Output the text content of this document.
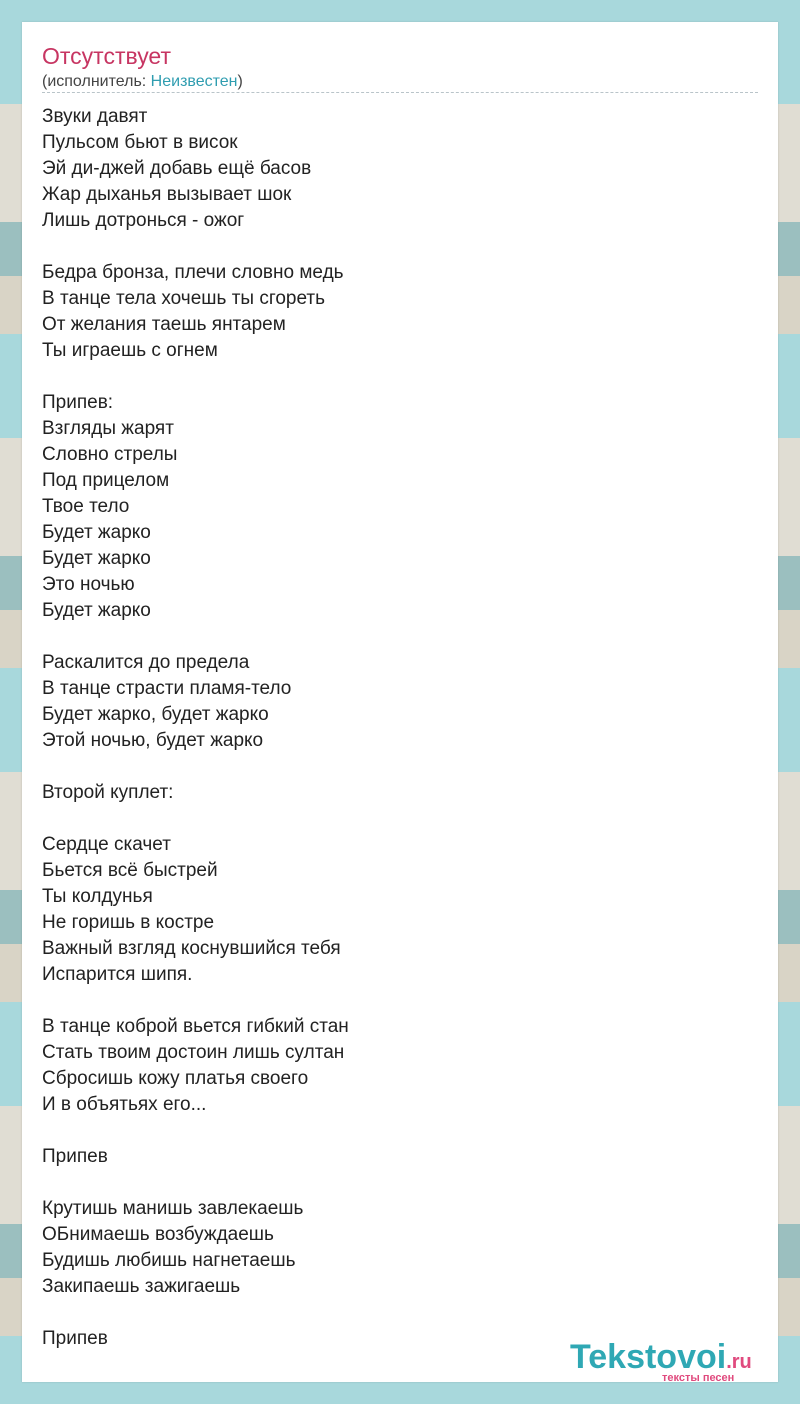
Отсутствует
(исполнитель: Неизвестен)
Звуки давят
Пульсом бьют в висок
Эй ди-джей добавь ещё басов
Жар дыханья вызывает шок
Лишь дотронься - ожог
Бедра бронза, плечи словно медь
В танце тела хочешь ты сгореть
От желания таешь янтарем
Ты играешь с огнем
Припев:
Взгляды жарят
Словно стрелы
Под прицелом
Твое тело
Будет жарко
Будет жарко
Это ночью
Будет жарко
Раскалится до предела
В танце страсти пламя-тело
Будет жарко, будет жарко
Этой ночью, будет жарко
Второй куплет:
Сердце скачет
Бьется всё быстрей
Ты колдунья
Не горишь в костре
Важный взгляд коснувшийся тебя
Испарится шипя.
В танце коброй вьется гибкий стан
Стать твоим достоин лишь султан
Сбросишь кожу платья своего
И в объятьях его...
Припев
Крутишь манишь завлекаешь
ОБнимаешь возбуждаешь
Будишь любишь нагнетаешь
Закипаешь зажигаешь
Припев	Tekstovoi.ru
тексты песен
